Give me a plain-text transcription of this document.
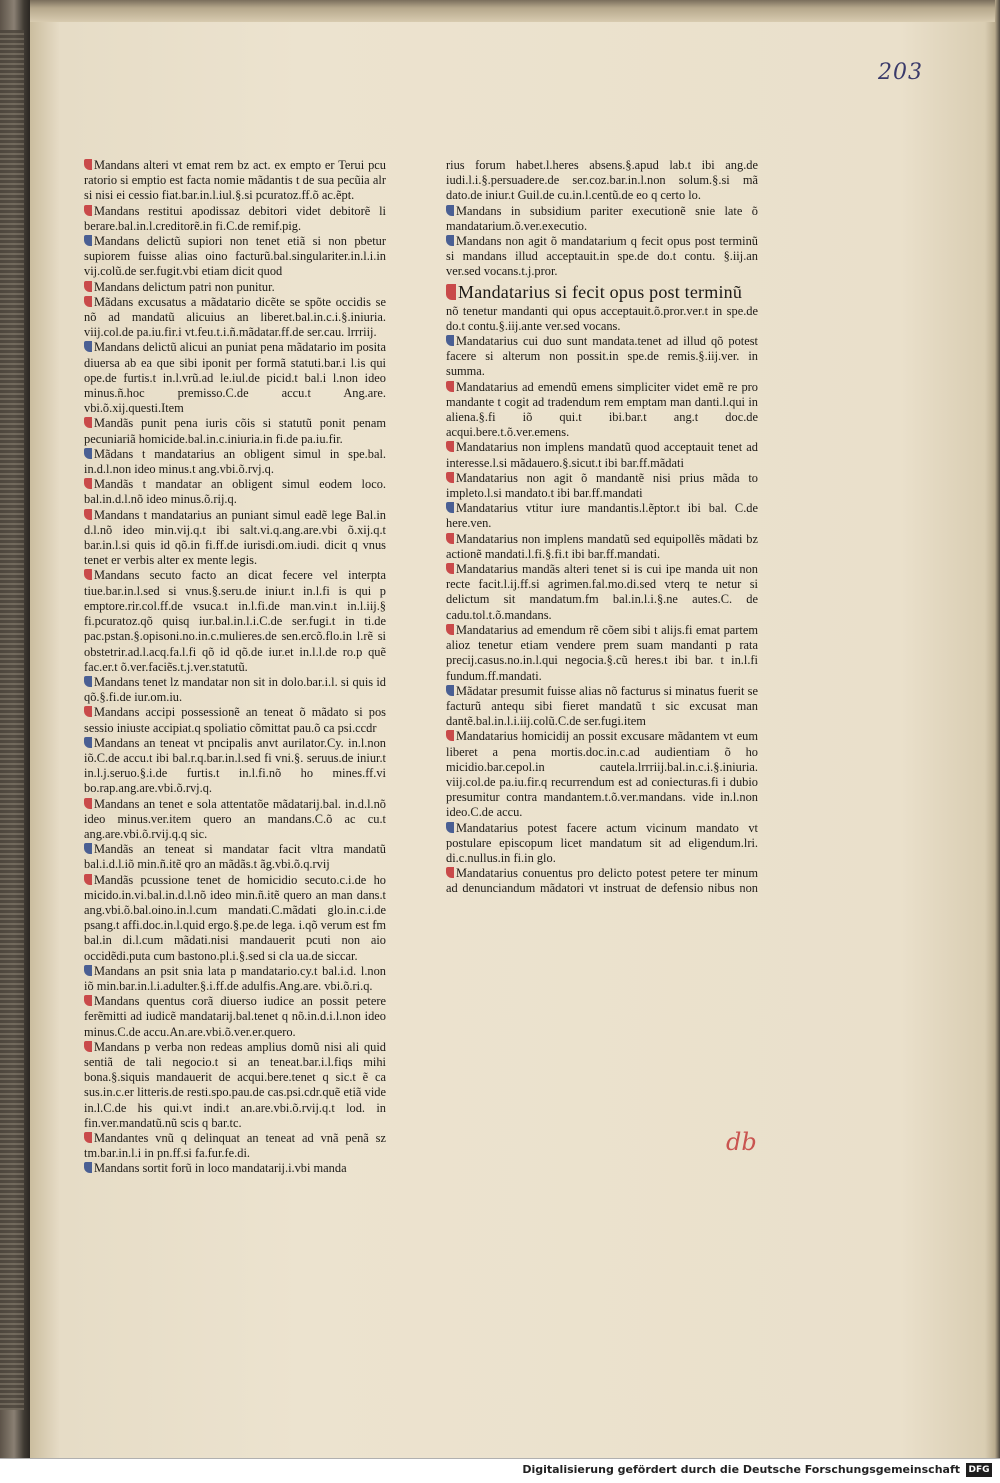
203

Mandans alteri vt emat rem bz act. ex empto er Terui pcu ratorio si emptio est facta nomie mãdantis t de sua pecũia alr si nisi ei cessio fiat.bar.in.l.iul.§.si pcuratoz.ff.õ ac.ẽpt.

Mandans restitui apodissaz debitori videt debitorẽ li berare.bal.in.l.creditorẽ.in fi.C.de remif.pig.

Mandans delictũ supiori non tenet etiã si non pbetur supiorem fuisse alias oino facturũ.bal.singulariter.in.l.i.in vij.colũ.de ser.fugit.vbi etiam dicit quod

Mandans delictum patri non punitur.

Mãdans excusatus a mãdatario dicẽte se spõte occidis se nõ ad mandatũ alicuius an liberet.bal.in.c.i.§.iniuria. viij.col.de pa.iu.fir.i vt.feu.t.i.ñ.mãdatar.ff.de ser.cau. lrrriij.

Mandans delictũ alicui an puniat pena mãdatario im posita diuersa ab ea que sibi iponit per formã statuti.bar.i l.is qui ope.de furtis.t in.l.vrũ.ad le.iul.de picid.t bal.i l.non ideo minus.ñ.hoc premisso.C.de accu.t Ang.are. vbi.õ.xij.questi.Item

Mandãs punit pena iuris cõis si statutũ ponit penam pecuniariã homicide.bal.in.c.iniuria.in fi.de pa.iu.fir.

Mãdans t mandatarius an obligent simul in spe.bal. in.d.l.non ideo minus.t ang.vbi.õ.rvj.q.

Mandãs t mandatar an obligent simul eodem loco. bal.in.d.l.nõ ideo minus.õ.rij.q.

Mandans t mandatarius an puniant simul eadẽ lege Bal.in d.l.nõ ideo min.vij.q.t ibi salt.vi.q.ang.are.vbi õ.xij.q.t bar.in.l.si quis id qõ.in fi.ff.de iurisdi.om.iudi. dicit q vnus tenet er verbis alter ex mente legis.

Mandans secuto facto an dicat fecere vel interpta tiue.bar.in.l.sed si vnus.§.seru.de iniur.t in.l.fi is qui p emptore.rir.col.ff.de vsuca.t in.l.fi.de man.vin.t in.l.iij.§ fi.pcuratoz.qõ quisq iur.bal.in.l.i.C.de ser.fugi.t in ti.de pac.pstan.§.opisoni.no.in.c.mulieres.de sen.ercõ.flo.in l.rẽ si obstetrir.ad.l.acq.fa.l.fi qõ id qõ.de iur.et in.l.l.de ro.p quẽ fac.er.t õ.ver.faciẽs.t.j.ver.statutũ.

Mandans tenet lz mandatar non sit in dolo.bar.i.l. si quis id qõ.§.fi.de iur.om.iu.

Mandans accipi possessionẽ an teneat õ mãdato si pos sessio iniuste accipiat.q spoliatio cõmittat pau.õ ca psi.ccdr

Mandans an teneat vt pncipalis anvt aurilator.Cy. in.l.non iõ.C.de accu.t ibi bal.r.q.bar.in.l.sed fi vni.§. seruus.de iniur.t in.l.j.seruo.§.i.de furtis.t in.l.fi.nõ ho mines.ff.vi bo.rap.ang.are.vbi.õ.rvj.q.

Mandans an tenet e sola attentatõe mãdatarij.bal. in.d.l.nõ ideo minus.ver.item quero an mandans.C.õ ac cu.t ang.are.vbi.õ.rvij.q.q sic.

Mandãs an teneat si mandatar facit vltra mandatũ bal.i.d.l.iõ min.ñ.itẽ qro an mãdãs.t ãg.vbi.õ.q.rvij

Mandãs pcussione tenet de homicidio secuto.c.i.de ho micido.in.vi.bal.in.d.l.nõ ideo min.ñ.itẽ quero an man dans.t ang.vbi.õ.bal.oino.in.l.cum mandati.C.mãdati glo.in.c.i.de psang.t affi.doc.in.l.quid ergo.§.pe.de lega. i.qõ verum est fm bal.in di.l.cum mãdati.nisi mandauerit pcuti non aio occidẽdi.puta cum bastono.pl.i.§.sed si cla ua.de siccar.

Mandans an psit snia lata p mandatario.cy.t bal.i.d. l.non iõ min.bar.in.l.i.adulter.§.i.ff.de adulfis.Ang.are. vbi.õ.ri.q.

Mandans quentus corã diuerso iudice an possit petere ferẽmitti ad iudicẽ mandatarij.bal.tenet q nõ.in.d.i.l.non ideo minus.C.de accu.An.are.vbi.õ.ver.er.quero.

Mandans p verba non redeas amplius domũ nisi ali quid sentiã de tali negocio.t si an teneat.bar.i.l.fiqs mihi bona.§.siquis mandauerit de acqui.bere.tenet q sic.t ẽ ca sus.in.c.er litteris.de resti.spo.pau.de cas.psi.cdr.quẽ etiã vide in.l.C.de his qui.vt indi.t an.are.vbi.õ.rvij.q.t lod. in fin.ver.mandatũ.nũ scis q bar.tc.

Mandantes vnũ q delinquat an teneat ad vnã penã sz tm.bar.in.l.i in pn.ff.si fa.fur.fe.di.

Mandans sortit forũ in loco mandatarij.i.vbi manda

rius forum habet.l.heres absens.§.apud lab.t ibi ang.de iudi.l.i.§.persuadere.de ser.coz.bar.in.l.non solum.§.si mã dato.de iniur.t Guil.de cu.in.l.centũ.de eo q certo lo.

Mandans in subsidium pariter executionẽ snie late õ mandatarium.õ.ver.executio.

Mandans non agit õ mandatarium q fecit opus post terminũ si mandans illud acceptauit.in spe.de do.t contu. §.iij.an ver.sed vocans.t.j.pror.

Mandatarius si fecit opus post terminũ

nõ tenetur mandanti qui opus acceptauit.õ.pror.ver.t in spe.de do.t contu.§.iij.ante ver.sed vocans.

Mandatarius cui duo sunt mandata.tenet ad illud qõ potest facere si alterum non possit.in spe.de remis.§.iij.ver. in summa.

Mandatarius ad emendũ emens simpliciter videt emẽ re pro mandante t cogit ad tradendum rem emptam man danti.l.qui in aliena.§.fi iõ qui.t ibi.bar.t ang.t doc.de acqui.bere.t.õ.ver.emens.

Mandatarius non implens mandatũ quod acceptauit tenet ad interesse.l.si mãdauero.§.sicut.t ibi bar.ff.mãdati

Mandatarius non agit õ mandantẽ nisi prius mãda to impleto.l.si mandato.t ibi bar.ff.mandati

Mandatarius vtitur iure mandantis.l.ẽptor.t ibi bal. C.de here.ven.

Mandatarius non implens mandatũ sed equipollẽs mãdati bz actionẽ mandati.l.fi.§.fi.t ibi bar.ff.mandati.

Mandatarius mandãs alteri tenet si is cui ipe manda uit non recte facit.l.ij.ff.si agrimen.fal.mo.di.sed vterq te netur si delictum sit mandatum.fm bal.in.l.i.§.ne autes.C. de cadu.tol.t.õ.mandans.

Mandatarius ad emendum rẽ cõem sibi t alijs.fi emat partem alioz tenetur etiam vendere prem suam mandanti p rata precij.casus.no.in.l.qui negocia.§.cũ heres.t ibi bar. t in.l.fi fundum.ff.mandati.

Mãdatar presumit fuisse alias nõ facturus si minatus fuerit se facturũ antequ sibi fieret mandatũ t sic excusat man dantẽ.bal.in.l.i.iij.colũ.C.de ser.fugi.item

Mandatarius homicidij an possit excusare mãdantem vt eum liberet a pena mortis.doc.in.c.ad audientiam õ ho micidio.bar.cepol.in cautela.lrrriij.bal.in.c.i.§.iniuria. viij.col.de pa.iu.fir.q recurrendum est ad coniecturas.fi i dubio presumitur contra mandantem.t.õ.ver.mandans. vide in.l.non ideo.C.de accu.

Mandatarius potest facere actum vicinum mandato vt postulare episcopum licet mandatum sit ad eligendum.lri. di.c.nullus.in fi.in glo.

Mandatarius conuentus pro delicto potest petere ter minum ad denunciandum mãdatori vt instruat de defensio nibus non

db
Digitalisierung gefördert durch die Deutsche Forschungsgemeinschaft DFG
